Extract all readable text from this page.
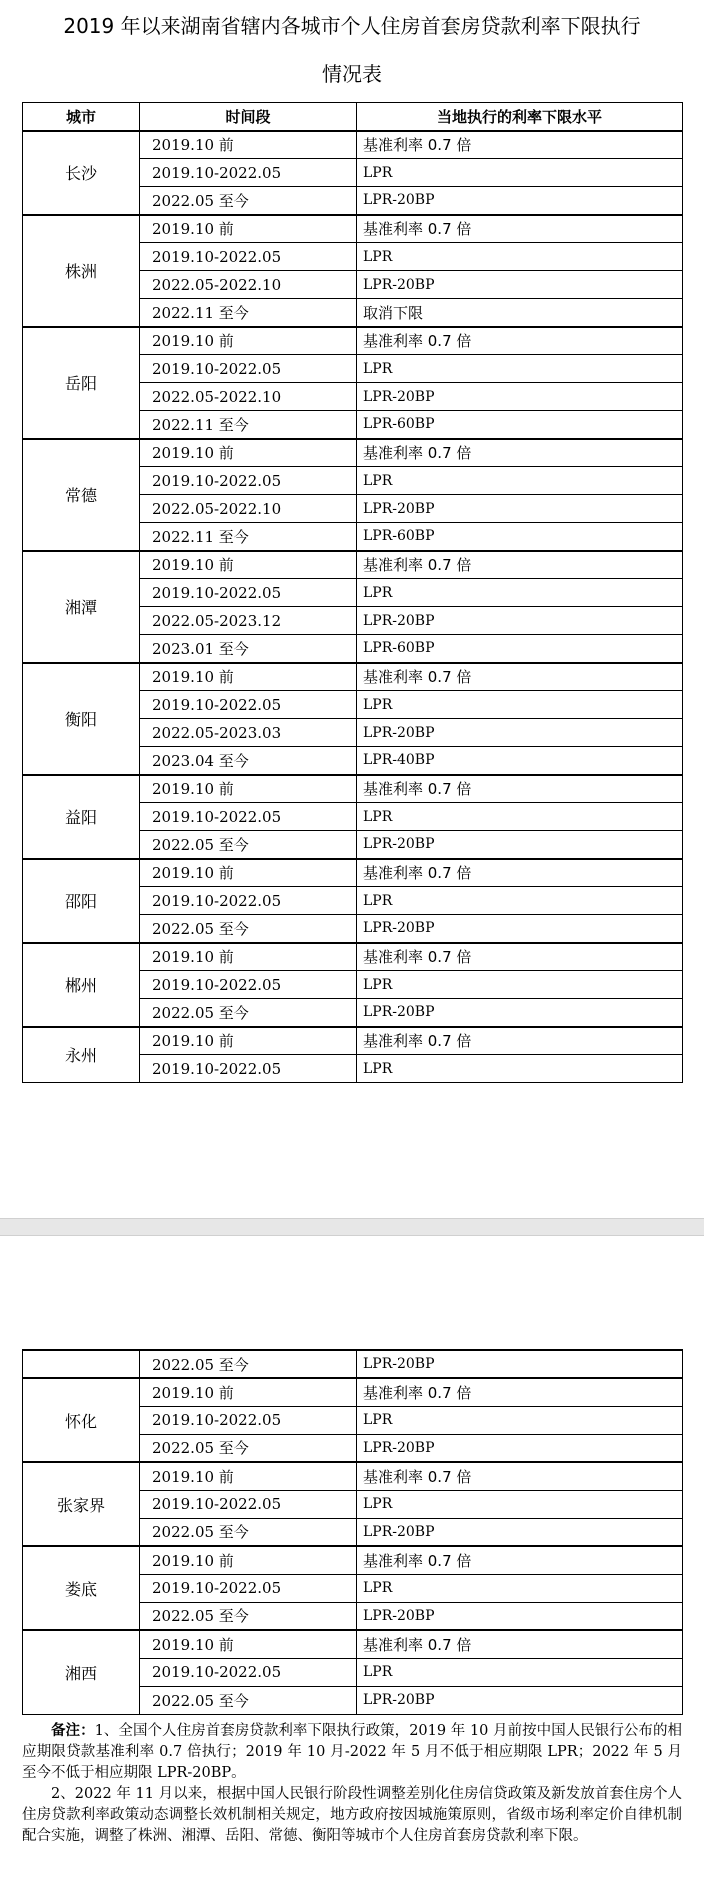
2019 年以来湖南省辖内各城市个人住房首套房贷款利率下限执行
情况表
城市	时间段	当地执行的利率下限水平
长沙	2019.10 前	基准利率 0.7 倍
	2019.10-2022.05	LPR
	2022.05 至今	LPR-20BP
株洲	2019.10 前	基准利率 0.7 倍
	2019.10-2022.05	LPR
	2022.05-2022.10	LPR-20BP
	2022.11 至今	取消下限
岳阳	2019.10 前	基准利率 0.7 倍
	2019.10-2022.05	LPR
	2022.05-2022.10	LPR-20BP
	2022.11 至今	LPR-60BP
常德	2019.10 前	基准利率 0.7 倍
	2019.10-2022.05	LPR
	2022.05-2022.10	LPR-20BP
	2022.11 至今	LPR-60BP
湘潭	2019.10 前	基准利率 0.7 倍
	2019.10-2022.05	LPR
	2022.05-2023.12	LPR-20BP
	2023.01 至今	LPR-60BP
衡阳	2019.10 前	基准利率 0.7 倍
	2019.10-2022.05	LPR
	2022.05-2023.03	LPR-20BP
	2023.04 至今	LPR-40BP
益阳	2019.10 前	基准利率 0.7 倍
	2019.10-2022.05	LPR
	2022.05 至今	LPR-20BP
邵阳	2019.10 前	基准利率 0.7 倍
	2019.10-2022.05	LPR
	2022.05 至今	LPR-20BP
郴州	2019.10 前	基准利率 0.7 倍
	2019.10-2022.05	LPR
	2022.05 至今	LPR-20BP
永州	2019.10 前	基准利率 0.7 倍
	2019.10-2022.05	LPR
	2022.05 至今	LPR-20BP
怀化	2019.10 前	基准利率 0.7 倍
	2019.10-2022.05	LPR
	2022.05 至今	LPR-20BP
张家界	2019.10 前	基准利率 0.7 倍
	2019.10-2022.05	LPR
	2022.05 至今	LPR-20BP
娄底	2019.10 前	基准利率 0.7 倍
	2019.10-2022.05	LPR
	2022.05 至今	LPR-20BP
湘西	2019.10 前	基准利率 0.7 倍
	2019.10-2022.05	LPR
	2022.05 至今	LPR-20BP

备注：1、全国个人住房首套房贷款利率下限执行政策，2019 年 10 月前按中国人民银行公布的相应期限贷款基准利率 0.7 倍执行；2019 年 10 月-2022 年 5 月不低于相应期限 LPR；2022 年 5 月至今不低于相应期限 LPR-20BP。

2、2022 年 11 月以来，根据中国人民银行阶段性调整差别化住房信贷政策及新发放首套住房个人住房贷款利率政策动态调整长效机制相关规定，地方政府按因城施策原则，省级市场利率定价自律机制配合实施，调整了株洲、湘潭、岳阳、常德、衡阳等城市个人住房首套房贷款利率下限。
